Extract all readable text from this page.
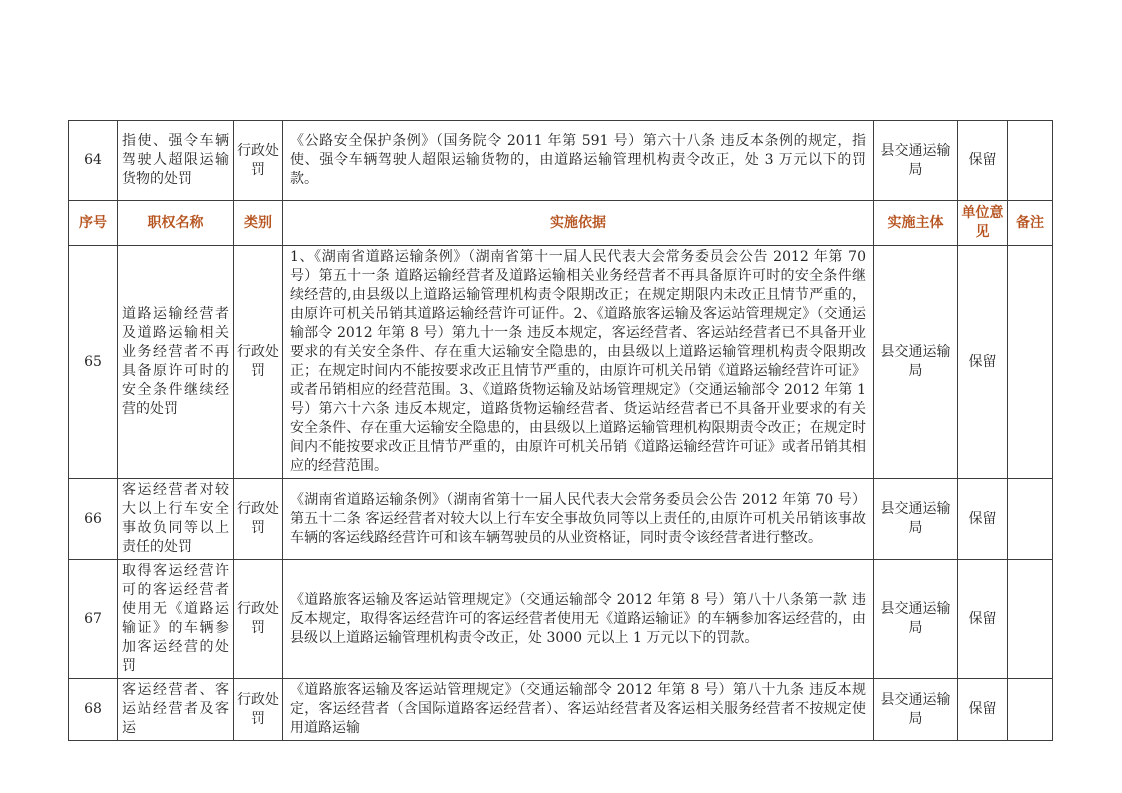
64	指使、强令车辆驾驶人超限运输货物的处罚	行政处罚	《公路安全保护条例》（国务院令 2011 年第 591 号）第六十八条 违反本条例的规定，指使、强令车辆驾驶人超限运输货物的，由道路运输管理机构责令改正，处 3 万元以下的罚款。	县交通运输局	保留	
序号	职权名称	类别	实施依据	实施主体	单位意见	备注
65	道路运输经营者及道路运输相关业务经营者不再具备原许可时的安全条件继续经营的处罚	行政处罚	1、《湖南省道路运输条例》（湖南省第十一届人民代表大会常务委员会公告 2012 年第 70 号）第五十一条 道路运输经营者及道路运输相关业务经营者不再具备原许可时的安全条件继续经营的,由县级以上道路运输管理机构责令限期改正；在规定期限内未改正且情节严重的，由原许可机关吊销其道路运输经营许可证件。2、《道路旅客运输及客运站管理规定》（交通运输部令 2012 年第 8 号）第九十一条 违反本规定，客运经营者、客运站经营者已不具备开业要求的有关安全条件、存在重大运输安全隐患的，由县级以上道路运输管理机构责令限期改正；在规定时间内不能按要求改正且情节严重的，由原许可机关吊销《道路运输经营许可证》或者吊销相应的经营范围。3、《道路货物运输及站场管理规定》（交通运输部令 2012 年第 1 号）第六十六条 违反本规定，道路货物运输经营者、货运站经营者已不具备开业要求的有关安全条件、存在重大运输安全隐患的，由县级以上道路运输管理机构限期责令改正；在规定时间内不能按要求改正且情节严重的，由原许可机关吊销《道路运输经营许可证》或者吊销其相应的经营范围。	县交通运输局	保留	
66	客运经营者对较大以上行车安全事故负同等以上责任的处罚	行政处罚	《湖南省道路运输条例》（湖南省第十一届人民代表大会常务委员会公告 2012 年第 70 号）第五十二条 客运经营者对较大以上行车安全事故负同等以上责任的,由原许可机关吊销该事故车辆的客运线路经营许可和该车辆驾驶员的从业资格证，同时责令该经营者进行整改。	县交通运输局	保留	
67	取得客运经营许可的客运经营者使用无《道路运输证》的车辆参加客运经营的处罚	行政处罚	《道路旅客运输及客运站管理规定》（交通运输部令 2012 年第 8 号）第八十八条第一款 违反本规定，取得客运经营许可的客运经营者使用无《道路运输证》的车辆参加客运经营的，由县级以上道路运输管理机构责令改正，处 3000 元以上 1 万元以下的罚款。	县交通运输局	保留	
68	客运经营者、客运站经营者及客运	行政处罚	《道路旅客运输及客运站管理规定》（交通运输部令 2012 年第 8 号）第八十九条 违反本规定，客运经营者（含国际道路客运经营者）、客运站经营者及客运相关服务经营者不按规定使用道路运输	县交通运输局	保留	
